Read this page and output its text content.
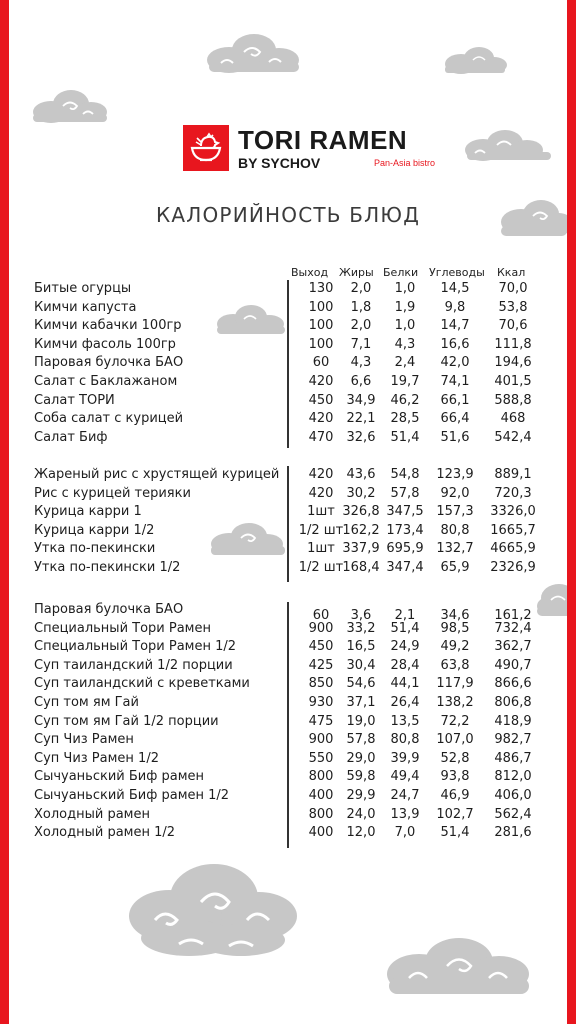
TORI RAMEN
BY SYCHOV	Pan-Asia bistro
КАЛОРИЙНОСТЬ БЛЮД
Выход Жиры Белки Углеводы Ккал
Битые огурцы	130	2,0	1,0	14,5	70,0
Кимчи капуста	100	1,8	1,9	9,8	53,8
Кимчи кабачки 100гр	100	2,0	1,0	14,7	70,6
Кимчи фасоль 100гр	100	7,1	4,3	16,6	111,8
Паровая булочка БАО	60	4,3	2,4	42,0	194,6
Салат с Баклажаном	420	6,6	19,7	74,1	401,5
Салат ТОРИ	450	34,9	46,2	66,1	588,8
Соба салат с курицей	420	22,1	28,5	66,4	468
Салат Биф	470	32,6	51,4	51,6	542,4
Жареный рис с хрустящей курицей	420	43,6	54,8	123,9	889,1
Рис с курицей терияки	420	30,2	57,8	92,0	720,3
Курица карри 1	1шт 326,8 347,5 157,3	3326,0
Курица карри 1/2	1/2 шт 162,2 173,4	80,8	1665,7
Утка по-пекински	1шт 337,9 695,9 132,7	4665,9
Утка по-пекински 1/2	1/2 шт 168,4 347,4	65,9	2326,9
Паровая булочка БАО	60	3,6	2,1	34,6	161,2
Специальный Тори Рамен	900	33,2	51,4	98,5	732,4
Специальный Тори Рамен 1/2	450	16,5	24,9	49,2	362,7
Суп таиландский 1/2 порции	425	30,4	28,4	63,8	490,7
Суп таиландский с креветками	850	54,6	44,1	117,9	866,6
Суп том ям Гай	930	37,1	26,4	138,2	806,8
Суп том ям Гай 1/2 порции	475	19,0	13,5	72,2	418,9
Суп Чиз Рамен	900	57,8	80,8	107,0	982,7
Суп Чиз Рамен 1/2	550	29,0	39,9	52,8	486,7
Сычуаньский Биф рамен	800	59,8	49,4	93,8	812,0
Сычуаньский Биф рамен 1/2	400	29,9	24,7	46,9	406,0
Холодный рамен	800	24,0	13,9	102,7	562,4
Холодный рамен 1/2	400	12,0	7,0	51,4	281,6
